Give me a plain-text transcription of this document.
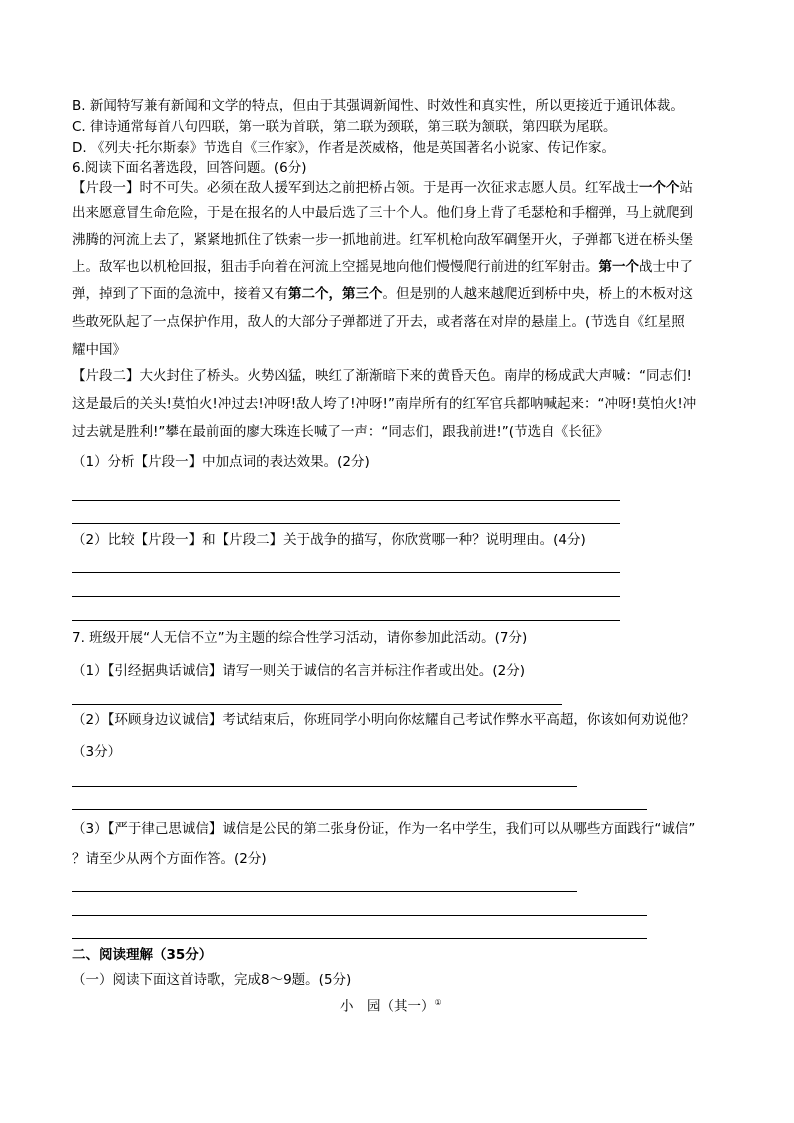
B. 新闻特写兼有新闻和文学的特点，但由于其强调新闻性、时效性和真实性，所以更接近于通讯体裁。
C. 律诗通常每首八句四联，第一联为首联，第二联为颈联，第三联为颔联，第四联为尾联。
D. 《列夫·托尔斯泰》节选自《三作家》，作者是茨威格，他是英国著名小说家、传记作家。
6.阅读下面名著选段，回答问题。(6分)
【片段一】时不可失。必须在敌人援军到达之前把桥占领。于是再一次征求志愿人员。红军战士一个个站
出来愿意冒生命危险，于是在报名的人中最后选了三十个人。他们身上背了毛瑟枪和手榴弹，马上就爬到
沸腾的河流上去了，紧紧地抓住了铁索一步一抓地前进。红军机枪向敌军碉堡开火，子弹都飞迸在桥头堡
上。敌军也以机枪回报，狙击手向着在河流上空摇晃地向他们慢慢爬行前进的红军射击。第一个战士中了
弹，掉到了下面的急流中，接着又有第二个，第三个。但是别的人越来越爬近到桥中央，桥上的木板对这
些敢死队起了一点保护作用，敌人的大部分子弹都迸了开去，或者落在对岸的悬崖上。(节选自《红星照
耀中国》
【片段二】大火封住了桥头。火势凶猛，映红了渐渐暗下来的黄昏天色。南岸的杨成武大声喊：“同志们!
这是最后的关头!莫怕火!冲过去!冲呀!敌人垮了!冲呀!”南岸所有的红军官兵都呐喊起来：“冲呀!莫怕火!冲
过去就是胜利!”攀在最前面的廖大珠连长喊了一声：“同志们，跟我前进!”(节选自《长征》
（1）分析【片段一】中加点词的表达效果。(2分)
（2）比较【片段一】和【片段二】关于战争的描写，你欣赏哪一种？说明理由。(4分)
7. 班级开展“人无信不立”为主题的综合性学习活动，请你参加此活动。(7分)
（1）【引经据典话诚信】请写一则关于诚信的名言并标注作者或出处。(2分)
（2）【环顾身边议诚信】考试结束后，你班同学小明向你炫耀自己考试作弊水平高超，你该如何劝说他？
（3分）
（3）【严于律己思诚信】诚信是公民的第二张身份证，作为一名中学生，我们可以从哪些方面践行“诚信”
？请至少从两个方面作答。(2分)
二、阅读理解（35分）
（一）阅读下面这首诗歌，完成8～9题。(5分)
小　园（其一）①
